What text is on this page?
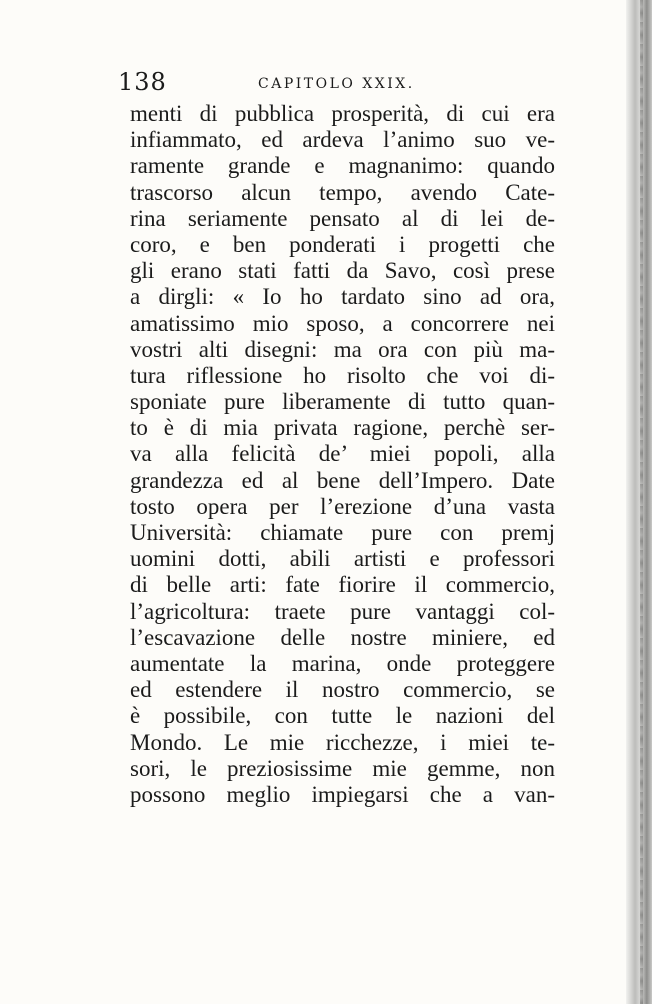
138	CAPITOLO XXIX.
menti di pubblica prosperità, di cui era
infiammato, ed ardeva l’animo suo ve-
ramente grande e magnanimo: quando
trascorso alcun tempo, avendo Cate-
rina seriamente pensato al di lei de-
coro, e ben ponderati i progetti che
gli erano stati fatti da Savo, così prese
a dirgli: « Io ho tardato sino ad ora,
amatissimo mio sposo, a concorrere nei
vostri alti disegni: ma ora con più ma-
tura riflessione ho risolto che voi di-
sponiate pure liberamente di tutto quan-
to è di mia privata ragione, perchè ser-
va alla felicità de’ miei popoli, alla
grandezza ed al bene dell’Impero. Date
tosto opera per l’erezione d’una vasta
Università: chiamate pure con premj
uomini dotti, abili artisti e professori
di belle arti: fate fiorire il commercio,
l’agricoltura: traete pure vantaggi col-
l’escavazione delle nostre miniere, ed
aumentate la marina, onde proteggere
ed estendere il nostro commercio, se
è possibile, con tutte le nazioni del
Mondo. Le mie ricchezze, i miei te-
sori, le preziosissime mie gemme, non
possono meglio impiegarsi che a van-
